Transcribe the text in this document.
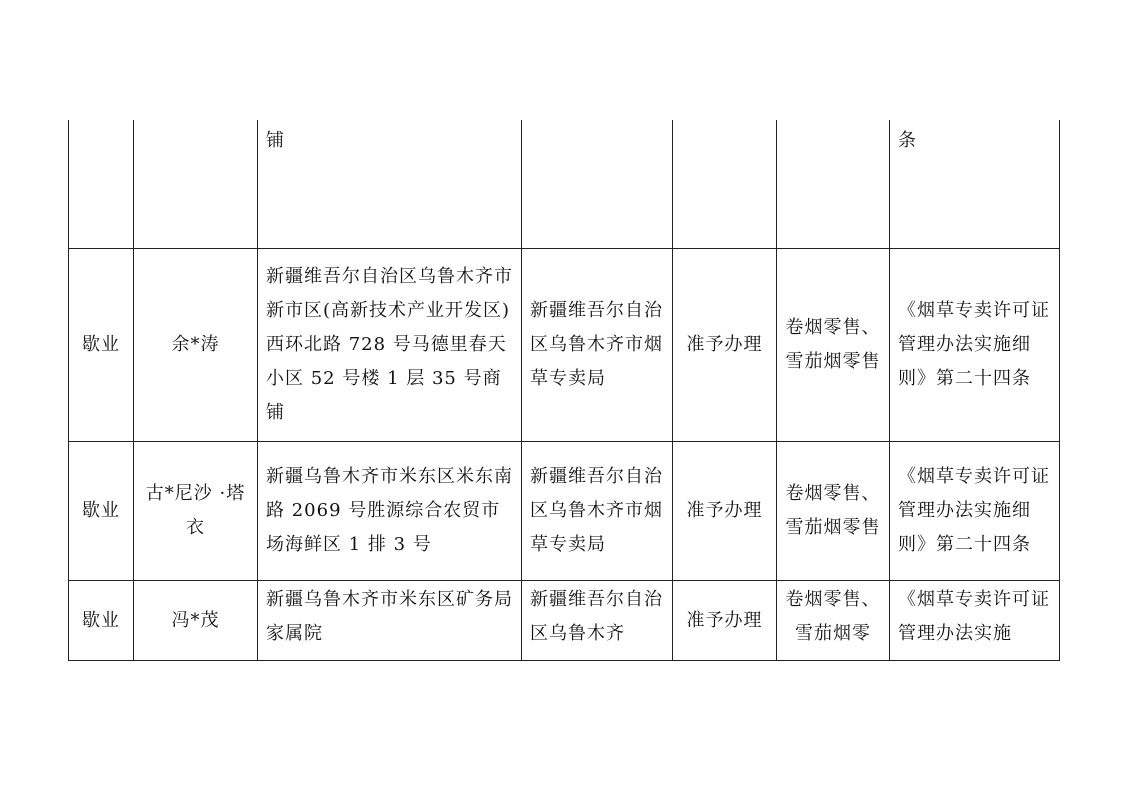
		铺				条

歇业	余*涛	新疆维吾尔自治区乌鲁木齐市新市区(高新技术产业开发区)西环北路 728 号马德里春天小区 52 号楼 1 层 35 号商铺	新疆维吾尔自治区乌鲁木齐市烟草专卖局	准予办理	卷烟零售、雪茄烟零售	《烟草专卖许可证管理办法实施细则》第二十四条

歇业	古*尼沙 ·塔衣	新疆乌鲁木齐市米东区米东南路 2069 号胜源综合农贸市场海鲜区 1 排 3 号	新疆维吾尔自治区乌鲁木齐市烟草专卖局	准予办理	卷烟零售、雪茄烟零售	《烟草专卖许可证管理办法实施细则》第二十四条

歇业	冯*茂	新疆乌鲁木齐市米东区矿务局家属院	新疆维吾尔自治区乌鲁木齐	准予办理	卷烟零售、雪茄烟零	《烟草专卖许可证管理办法实施
